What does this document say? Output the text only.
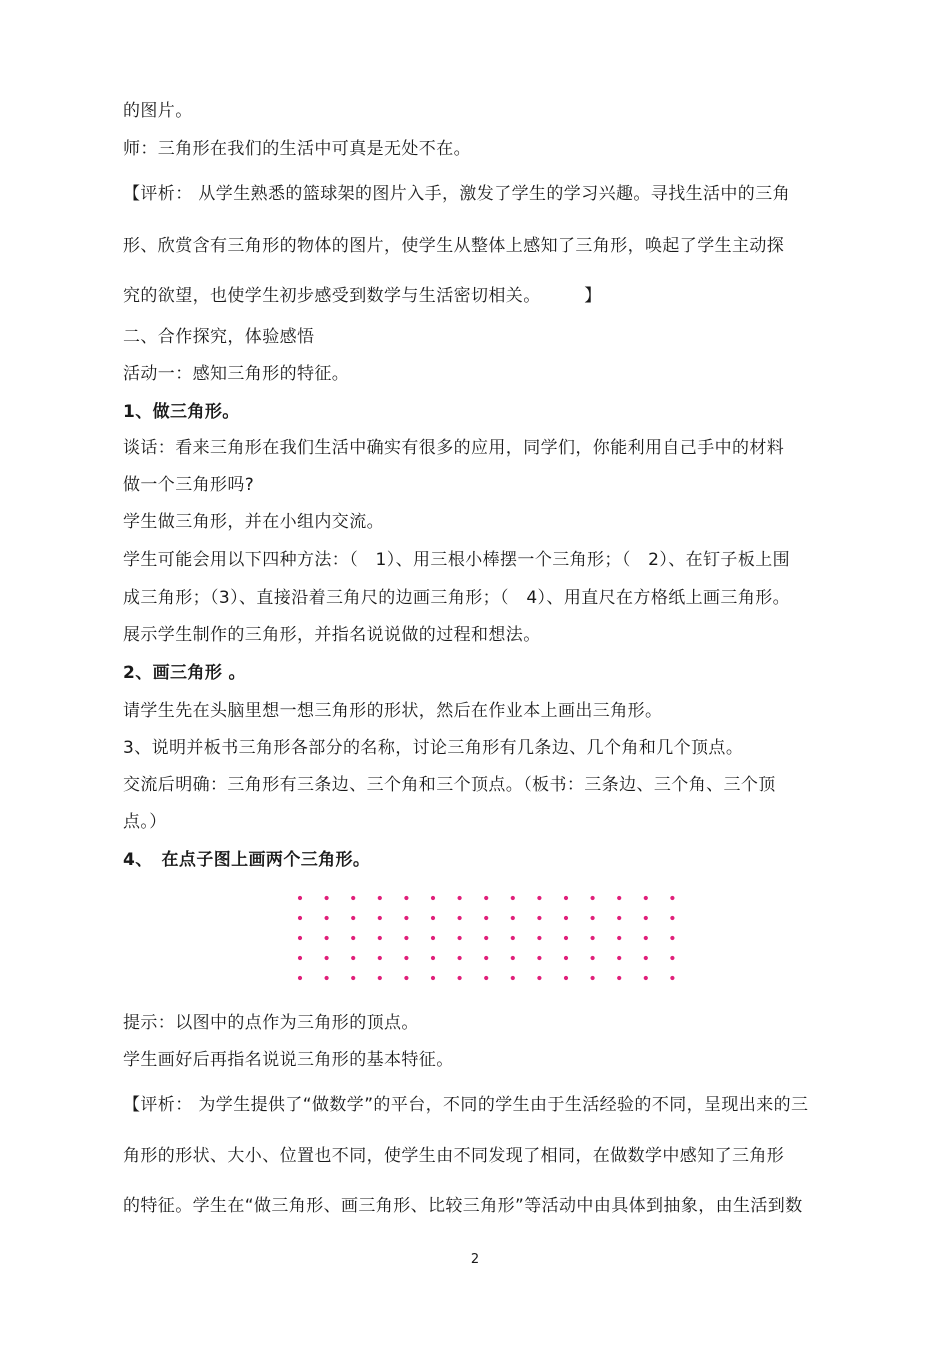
的图片。
师：三角形在我们的生活中可真是无处不在。
【评析： 从学生熟悉的篮球架的图片入手，激发了学生的学习兴趣。寻找生活中的三角
形、欣赏含有三角形的物体的图片，使学生从整体上感知了三角形，唤起了学生主动探
究的欲望，也使学生初步感受到数学与生活密切相关。　　　】
二、合作探究，体验感悟
活动一：感知三角形的特征。
1、做三角形。
谈话：看来三角形在我们生活中确实有很多的应用，同学们，你能利用自己手中的材料
做一个三角形吗?
学生做三角形，并在小组内交流。
学生可能会用以下四种方法：（　1）、用三根小棒摆一个三角形；（　2）、在钉子板上围
成三角形；（3）、直接沿着三角尺的边画三角形；（　4）、用直尺在方格纸上画三角形。
展示学生制作的三角形，并指名说说做的过程和想法。
2、画三角形 。
请学生先在头脑里想一想三角形的形状，然后在作业本上画出三角形。
3、说明并板书三角形各部分的名称，讨论三角形有几条边、几个角和几个顶点。
交流后明确：三角形有三条边、三个角和三个顶点。（板书：三条边、三个角、三个顶
点。）
4、　在点子图上画两个三角形。
提示：以图中的点作为三角形的顶点。
学生画好后再指名说说三角形的基本特征。
【评析： 为学生提供了“做数学”的平台，不同的学生由于生活经验的不同，呈现出来的三
角形的形状、大小、位置也不同，使学生由不同发现了相同，在做数学中感知了三角形
的特征。学生在“做三角形、画三角形、比较三角形”等活动中由具体到抽象，由生活到数
2
